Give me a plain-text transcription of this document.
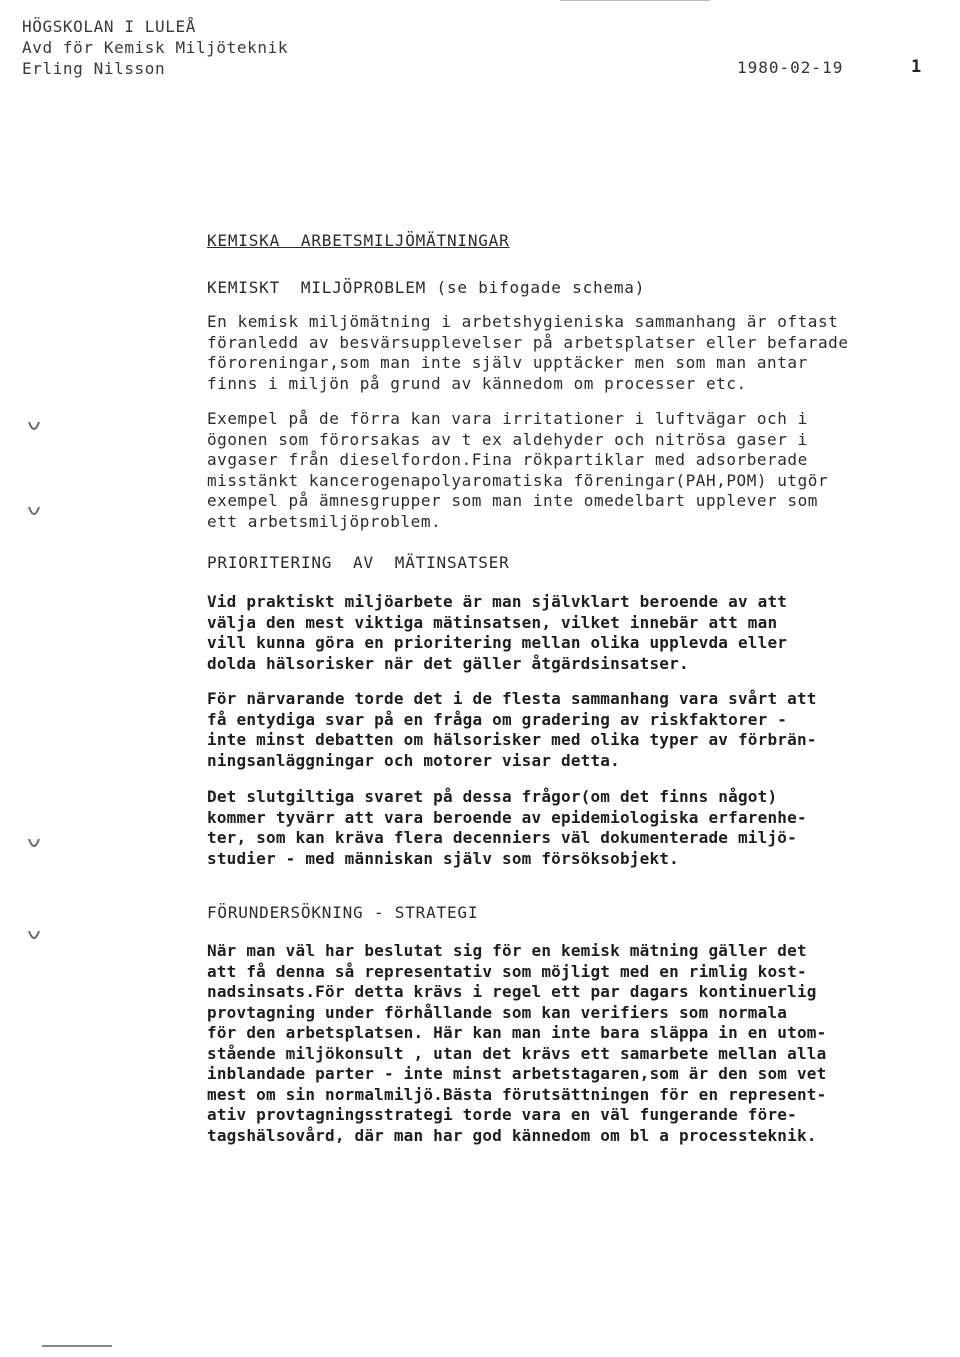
HÖGSKOLAN I LULEÅ
Avd för Kemisk Miljöteknik
Erling Nilsson	1980-02-19	1
KEMISKA  ARBETSMILJÖMÄTNINGAR
KEMISKT  MILJÖPROBLEM (se bifogade schema)
En kemisk miljömätning i arbetshygieniska sammanhang är oftast
föranledd av besvärsupplevelser på arbetsplatser eller befarade
föroreningar,som man inte själv upptäcker men som man antar
finns i miljön på grund av kännedom om processer etc.
Exempel på de förra kan vara irritationer i luftvägar och i
ögonen som förorsakas av t ex aldehyder och nitrösa gaser i
avgaser från dieselfordon.Fina rökpartiklar med adsorberade
misstänkt kancerogenapolyaromatiska föreningar(PAH,POM) utgör
exempel på ämnesgrupper som man inte omedelbart upplever som
ett arbetsmiljöproblem.
PRIORITERING  AV  MÄTINSATSER
Vid praktiskt miljöarbete är man självklart beroende av att
välja den mest viktiga mätinsatsen, vilket innebär att man
vill kunna göra en prioritering mellan olika upplevda eller
dolda hälsorisker när det gäller åtgärdsinsatser.
För närvarande torde det i de flesta sammanhang vara svårt att
få entydiga svar på en fråga om gradering av riskfaktorer -
inte minst debatten om hälsorisker med olika typer av förbrän-
ningsanläggningar och motorer visar detta.
Det slutgiltiga svaret på dessa frågor(om det finns något)
kommer tyvärr att vara beroende av epidemiologiska erfarenhe-
ter, som kan kräva flera decenniers väl dokumenterade miljö-
studier - med människan själv som försöksobjekt.
FÖRUNDERSÖKNING - STRATEGI
När man väl har beslutat sig för en kemisk mätning gäller det
att få denna så representativ som möjligt med en rimlig kost-
nadsinsats.För detta krävs i regel ett par dagars kontinuerlig
provtagning under förhållande som kan verifiers som normala
för den arbetsplatsen. Här kan man inte bara släppa in en utom-
stående miljökonsult , utan det krävs ett samarbete mellan alla
inblandade parter - inte minst arbetstagaren,som är den som vet
mest om sin normalmiljö.Bästa förutsättningen för en represent-
ativ provtagningsstrategi torde vara en väl fungerande före-
tagshälsovård, där man har god kännedom om bl a processteknik.
